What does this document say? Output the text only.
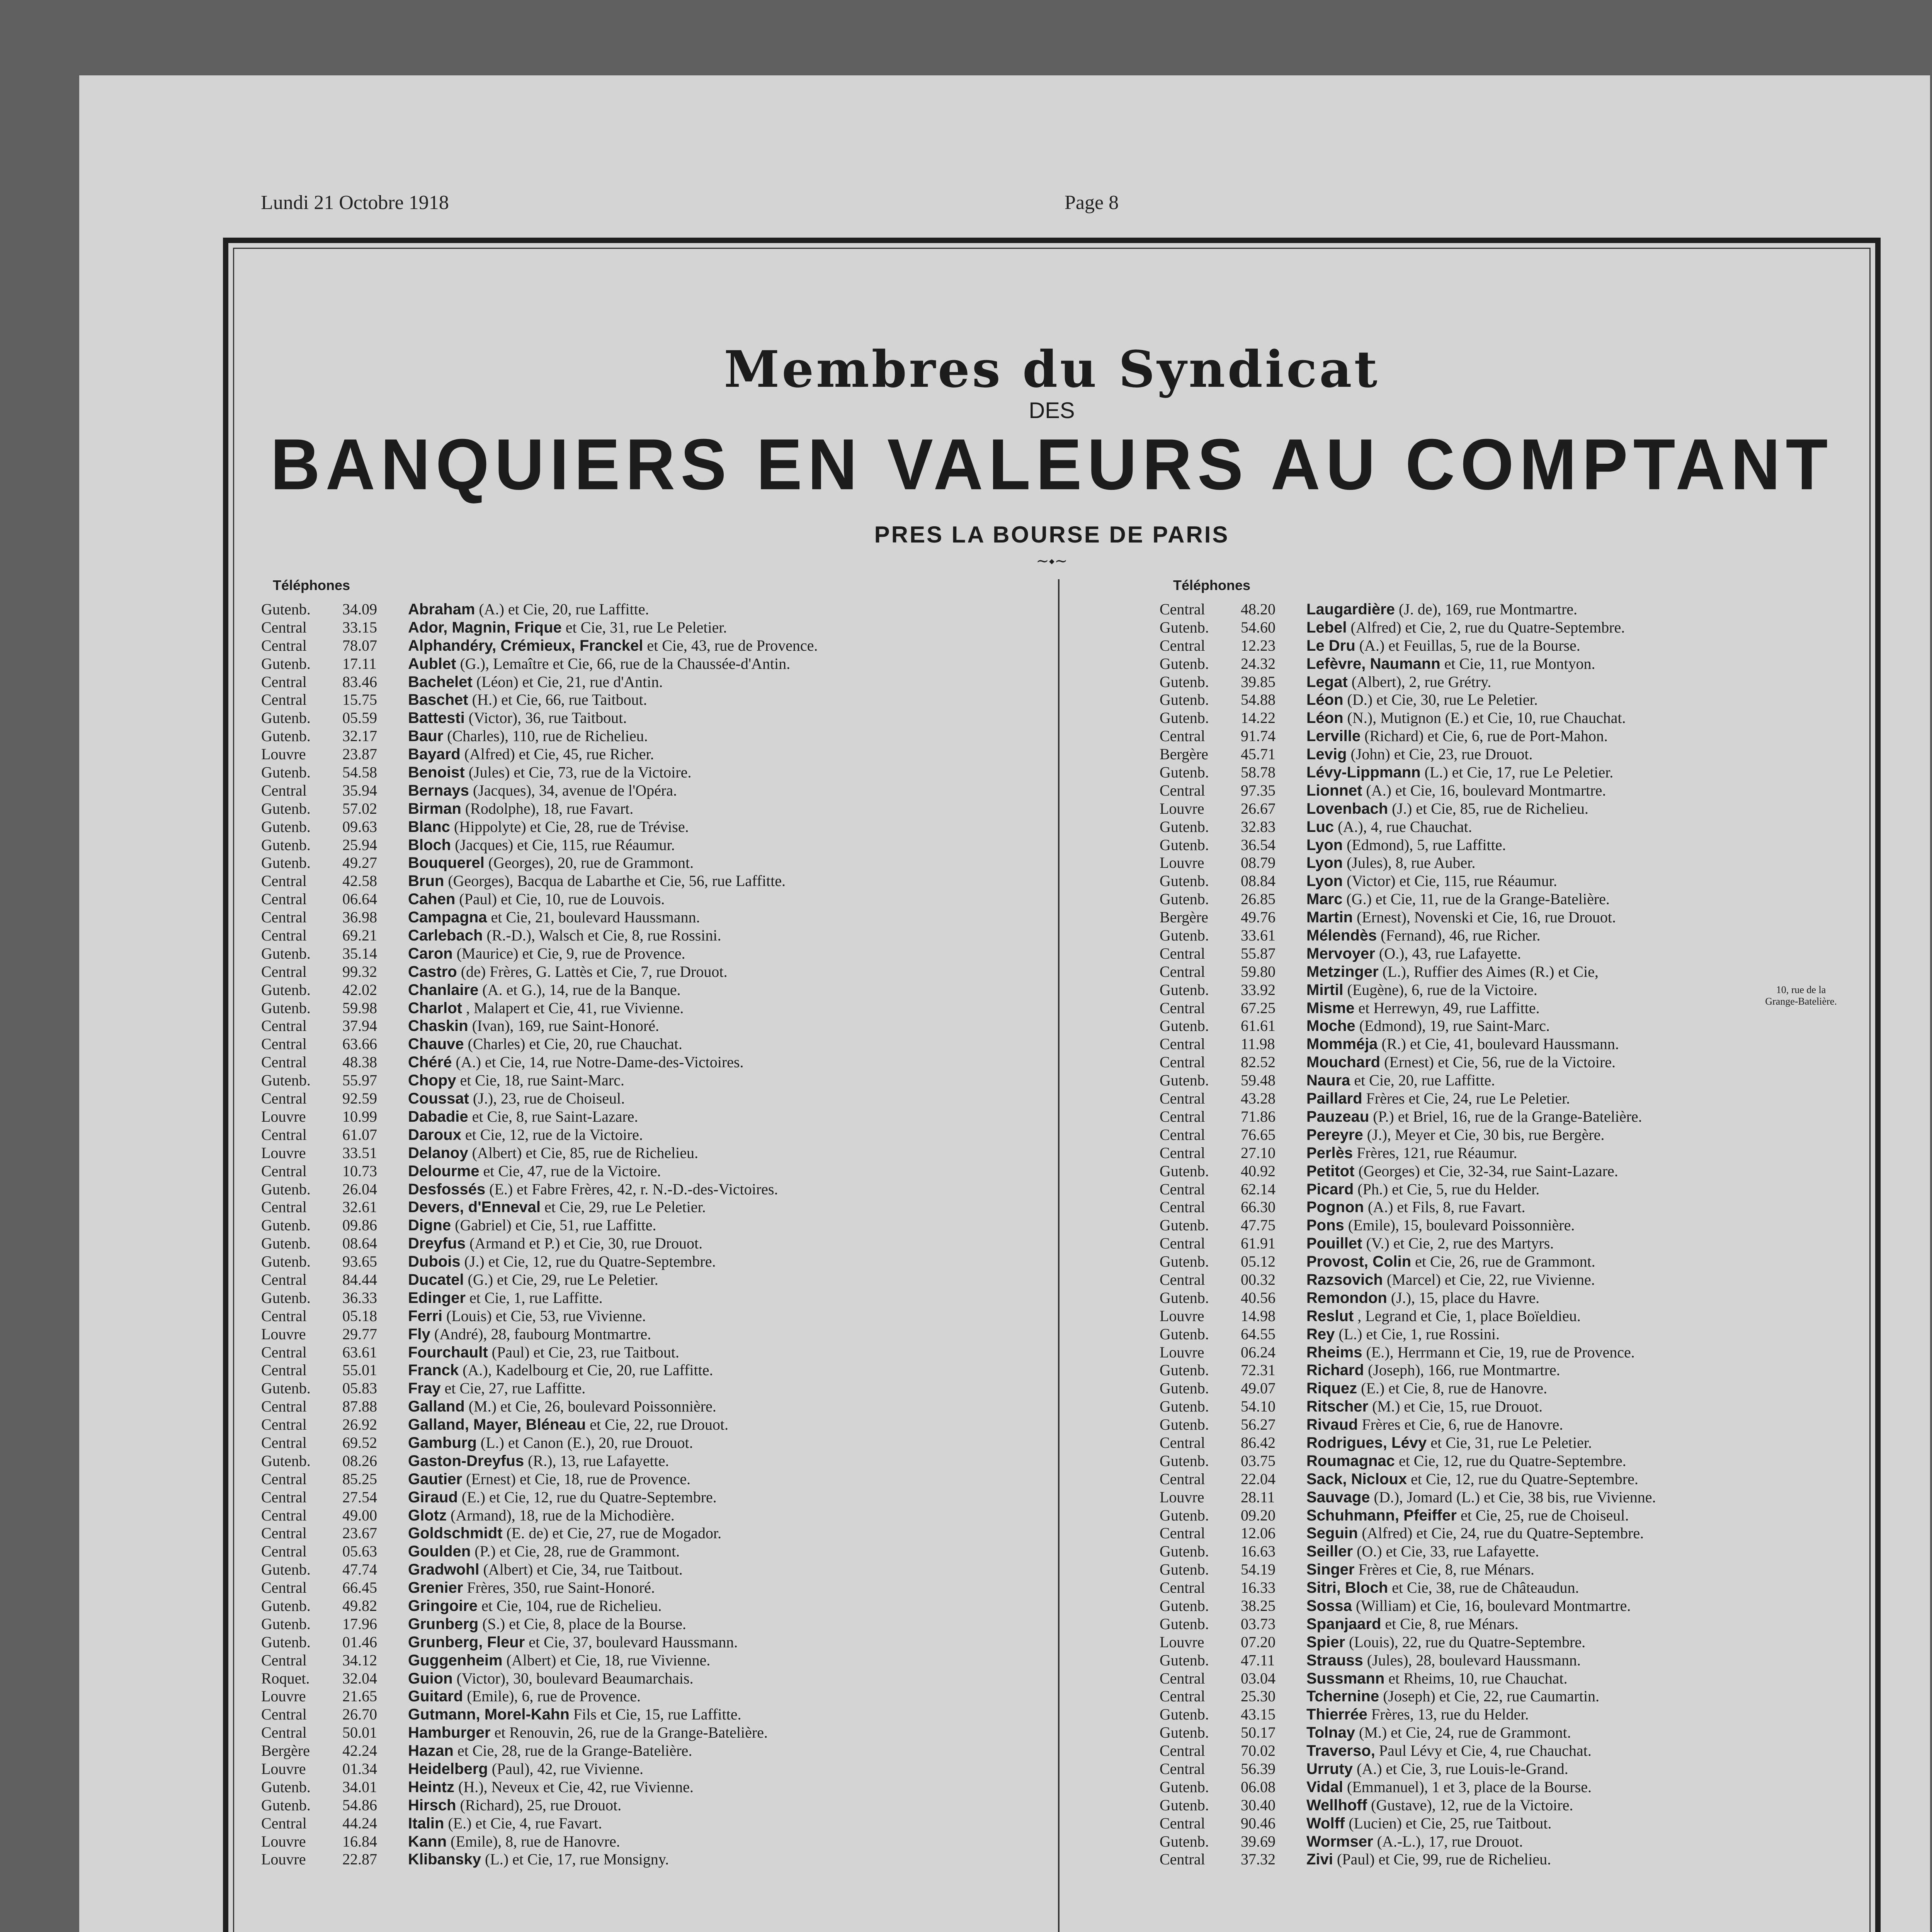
Lundi 21 Octobre 1918	Page 8
Membres du Syndicat
DES
BANQUIERS EN VALEURS AU COMPTANT
PRES LA BOURSE DE PARIS
~⬩~
Téléphones	Téléphones
Gutenb. 34.09 Abraham (A.) et Cie, 20, rue Laffitte.
Central 33.15 Ador, Magnin, Frique et Cie, 31, rue Le Peletier.
Central 78.07 Alphandéry, Crémieux, Franckel et Cie, 43, rue de Provence.
Gutenb. 17.11 Aublet (G.), Lemaître et Cie, 66, rue de la Chaussée-d'Antin.
Central 83.46 Bachelet (Léon) et Cie, 21, rue d'Antin.
Central 15.75 Baschet (H.) et Cie, 66, rue Taitbout.
Gutenb. 05.59 Battesti (Victor), 36, rue Taitbout.
Gutenb. 32.17 Baur (Charles), 110, rue de Richelieu.
Louvre 23.87 Bayard (Alfred) et Cie, 45, rue Richer.
Gutenb. 54.58 Benoist (Jules) et Cie, 73, rue de la Victoire.
Central 35.94 Bernays (Jacques), 34, avenue de l'Opéra.
Gutenb. 57.02 Birman (Rodolphe), 18, rue Favart.
Gutenb. 09.63 Blanc (Hippolyte) et Cie, 28, rue de Trévise.
Gutenb. 25.94 Bloch (Jacques) et Cie, 115, rue Réaumur.
Gutenb. 49.27 Bouquerel (Georges), 20, rue de Grammont.
Central 42.58 Brun (Georges), Bacqua de Labarthe et Cie, 56, rue Laffitte.
Central 06.64 Cahen (Paul) et Cie, 10, rue de Louvois.
Central 36.98 Campagna et Cie, 21, boulevard Haussmann.
Central 69.21 Carlebach (R.-D.), Walsch et Cie, 8, rue Rossini.
Gutenb. 35.14 Caron (Maurice) et Cie, 9, rue de Provence.
Central 99.32 Castro (de) Frères, G. Lattès et Cie, 7, rue Drouot.
Gutenb. 42.02 Chanlaire (A. et G.), 14, rue de la Banque.
Gutenb. 59.98 Charlot , Malapert et Cie, 41, rue Vivienne.
Central 37.94 Chaskin (Ivan), 169, rue Saint-Honoré.
Central 63.66 Chauve (Charles) et Cie, 20, rue Chauchat.
Central 48.38 Chéré (A.) et Cie, 14, rue Notre-Dame-des-Victoires.
Gutenb. 55.97 Chopy et Cie, 18, rue Saint-Marc.
Central 92.59 Coussat (J.), 23, rue de Choiseul.
Louvre 10.99 Dabadie et Cie, 8, rue Saint-Lazare.
Central 61.07 Daroux et Cie, 12, rue de la Victoire.
Louvre 33.51 Delanoy (Albert) et Cie, 85, rue de Richelieu.
Central 10.73 Delourme et Cie, 47, rue de la Victoire.
Gutenb. 26.04 Desfossés (E.) et Fabre Frères, 42, r. N.-D.-des-Victoires.
Central 32.61 Devers, d'Enneval et Cie, 29, rue Le Peletier.
Gutenb. 09.86 Digne (Gabriel) et Cie, 51, rue Laffitte.
Gutenb. 08.64 Dreyfus (Armand et P.) et Cie, 30, rue Drouot.
Gutenb. 93.65 Dubois (J.) et Cie, 12, rue du Quatre-Septembre.
Central 84.44 Ducatel (G.) et Cie, 29, rue Le Peletier.
Gutenb. 36.33 Edinger et Cie, 1, rue Laffitte.
Central 05.18 Ferri (Louis) et Cie, 53, rue Vivienne.
Louvre 29.77 Fly (André), 28, faubourg Montmartre.
Central 63.61 Fourchault (Paul) et Cie, 23, rue Taitbout.
Central 55.01 Franck (A.), Kadelbourg et Cie, 20, rue Laffitte.
Gutenb. 05.83 Fray et Cie, 27, rue Laffitte.
Central 87.88 Galland (M.) et Cie, 26, boulevard Poissonnière.
Central 26.92 Galland, Mayer, Bléneau et Cie, 22, rue Drouot.
Central 69.52 Gamburg (L.) et Canon (E.), 20, rue Drouot.
Gutenb. 08.26 Gaston-Dreyfus (R.), 13, rue Lafayette.
Central 85.25 Gautier (Ernest) et Cie, 18, rue de Provence.
Central 27.54 Giraud (E.) et Cie, 12, rue du Quatre-Septembre.
Central 49.00 Glotz (Armand), 18, rue de la Michodière.
Central 23.67 Goldschmidt (E. de) et Cie, 27, rue de Mogador.
Central 05.63 Goulden (P.) et Cie, 28, rue de Grammont.
Gutenb. 47.74 Gradwohl (Albert) et Cie, 34, rue Taitbout.
Central 66.45 Grenier Frères, 350, rue Saint-Honoré.
Gutenb. 49.82 Gringoire et Cie, 104, rue de Richelieu.
Gutenb. 17.96 Grunberg (S.) et Cie, 8, place de la Bourse.
Gutenb. 01.46 Grunberg, Fleur et Cie, 37, boulevard Haussmann.
Central 34.12 Guggenheim (Albert) et Cie, 18, rue Vivienne.
Roquet. 32.04 Guion (Victor), 30, boulevard Beaumarchais.
Louvre 21.65 Guitard (Emile), 6, rue de Provence.
Central 26.70 Gutmann, Morel-Kahn Fils et Cie, 15, rue Laffitte.
Central 50.01 Hamburger et Renouvin, 26, rue de la Grange-Batelière.
Bergère 42.24 Hazan et Cie, 28, rue de la Grange-Batelière.
Louvre 01.34 Heidelberg (Paul), 42, rue Vivienne.
Gutenb. 34.01 Heintz (H.), Neveux et Cie, 42, rue Vivienne.
Gutenb. 54.86 Hirsch (Richard), 25, rue Drouot.
Central 44.24 Italin (E.) et Cie, 4, rue Favart.
Louvre 16.84 Kann (Emile), 8, rue de Hanovre.
Louvre 22.87 Klibansky (L.) et Cie, 17, rue Monsigny.
Central 48.20 Laugardière (J. de), 169, rue Montmartre.
Gutenb. 54.60 Lebel (Alfred) et Cie, 2, rue du Quatre-Septembre.
Central 12.23 Le Dru (A.) et Feuillas, 5, rue de la Bourse.
Gutenb. 24.32 Lefèvre, Naumann et Cie, 11, rue Montyon.
Gutenb. 39.85 Legat (Albert), 2, rue Grétry.
Gutenb. 54.88 Léon (D.) et Cie, 30, rue Le Peletier.
Gutenb. 14.22 Léon (N.), Mutignon (E.) et Cie, 10, rue Chauchat.
Central 91.74 Lerville (Richard) et Cie, 6, rue de Port-Mahon.
Bergère 45.71 Levig (John) et Cie, 23, rue Drouot.
Gutenb. 58.78 Lévy-Lippmann (L.) et Cie, 17, rue Le Peletier.
Central 97.35 Lionnet (A.) et Cie, 16, boulevard Montmartre.
Louvre 26.67 Lovenbach (J.) et Cie, 85, rue de Richelieu.
Gutenb. 32.83 Luc (A.), 4, rue Chauchat.
Gutenb. 36.54 Lyon (Edmond), 5, rue Laffitte.
Louvre 08.79 Lyon (Jules), 8, rue Auber.
Gutenb. 08.84 Lyon (Victor) et Cie, 115, rue Réaumur.
Gutenb. 26.85 Marc (G.) et Cie, 11, rue de la Grange-Batelière.
Bergère 49.76 Martin (Ernest), Novenski et Cie, 16, rue Drouot.
Gutenb. 33.61 Mélendès (Fernand), 46, rue Richer.
Central 55.87 Mervoyer (O.), 43, rue Lafayette.
Central 59.80 Metzinger (L.), Ruffier des Aimes (R.) et Cie,
Gutenb. 33.92 Mirtil (Eugène), 6, rue de la Victoire.
Central 67.25 Misme et Herrewyn, 49, rue Laffitte.
Gutenb. 61.61 Moche (Edmond), 19, rue Saint-Marc.
Central 11.98 Momméja (R.) et Cie, 41, boulevard Haussmann.
Central 82.52 Mouchard (Ernest) et Cie, 56, rue de la Victoire.
Gutenb. 59.48 Naura et Cie, 20, rue Laffitte.
Central 43.28 Paillard Frères et Cie, 24, rue Le Peletier.
Central 71.86 Pauzeau (P.) et Briel, 16, rue de la Grange-Batelière.
Central 76.65 Pereyre (J.), Meyer et Cie, 30 bis, rue Bergère.
Central 27.10 Perlès Frères, 121, rue Réaumur.
Gutenb. 40.92 Petitot (Georges) et Cie, 32-34, rue Saint-Lazare.
Central 62.14 Picard (Ph.) et Cie, 5, rue du Helder.
Central 66.30 Pognon (A.) et Fils, 8, rue Favart.
Gutenb. 47.75 Pons (Emile), 15, boulevard Poissonnière.
Central 61.91 Pouillet (V.) et Cie, 2, rue des Martyrs.
Gutenb. 05.12 Provost, Colin et Cie, 26, rue de Grammont.
Central 00.32 Razsovich (Marcel) et Cie, 22, rue Vivienne.
Gutenb. 40.56 Remondon (J.), 15, place du Havre.
Louvre 14.98 Reslut , Legrand et Cie, 1, place Boïeldieu.
Gutenb. 64.55 Rey (L.) et Cie, 1, rue Rossini.
Louvre 06.24 Rheims (E.), Herrmann et Cie, 19, rue de Provence.
Gutenb. 72.31 Richard (Joseph), 166, rue Montmartre.
Gutenb. 49.07 Riquez (E.) et Cie, 8, rue de Hanovre.
Gutenb. 54.10 Ritscher (M.) et Cie, 15, rue Drouot.
Gutenb. 56.27 Rivaud Frères et Cie, 6, rue de Hanovre.
Central 86.42 Rodrigues, Lévy et Cie, 31, rue Le Peletier.
Gutenb. 03.75 Roumagnac et Cie, 12, rue du Quatre-Septembre.
Central 22.04 Sack, Nicloux et Cie, 12, rue du Quatre-Septembre.
Louvre 28.11 Sauvage (D.), Jomard (L.) et Cie, 38 bis, rue Vivienne.
Gutenb. 09.20 Schuhmann, Pfeiffer et Cie, 25, rue de Choiseul.
Central 12.06 Seguin (Alfred) et Cie, 24, rue du Quatre-Septembre.
Gutenb. 16.63 Seiller (O.) et Cie, 33, rue Lafayette.
Gutenb. 54.19 Singer Frères et Cie, 8, rue Ménars.
Central 16.33 Sitri, Bloch et Cie, 38, rue de Châteaudun.
Gutenb. 38.25 Sossa (William) et Cie, 16, boulevard Montmartre.
Gutenb. 03.73 Spanjaard et Cie, 8, rue Ménars.
Louvre 07.20 Spier (Louis), 22, rue du Quatre-Septembre.
Gutenb. 47.11 Strauss (Jules), 28, boulevard Haussmann.
Central 03.04 Sussmann et Rheims, 10, rue Chauchat.
Central 25.30 Tchernine (Joseph) et Cie, 22, rue Caumartin.
Gutenb. 43.15 Thierrée Frères, 13, rue du Helder.
Gutenb. 50.17 Tolnay (M.) et Cie, 24, rue de Grammont.
Central 70.02 Traverso, Paul Lévy et Cie, 4, rue Chauchat.
Central 56.39 Urruty (A.) et Cie, 3, rue Louis-le-Grand.
Gutenb. 06.08 Vidal (Emmanuel), 1 et 3, place de la Bourse.
Gutenb. 30.40 Wellhoff (Gustave), 12, rue de la Victoire.
Central 90.46 Wolff (Lucien) et Cie, 25, rue Taitbout.
Gutenb. 39.69 Wormser (A.-L.), 17, rue Drouot.
Central 37.32 Zivi (Paul) et Cie, 99, rue de Richelieu.
10, rue de la Grange-Batelière.
